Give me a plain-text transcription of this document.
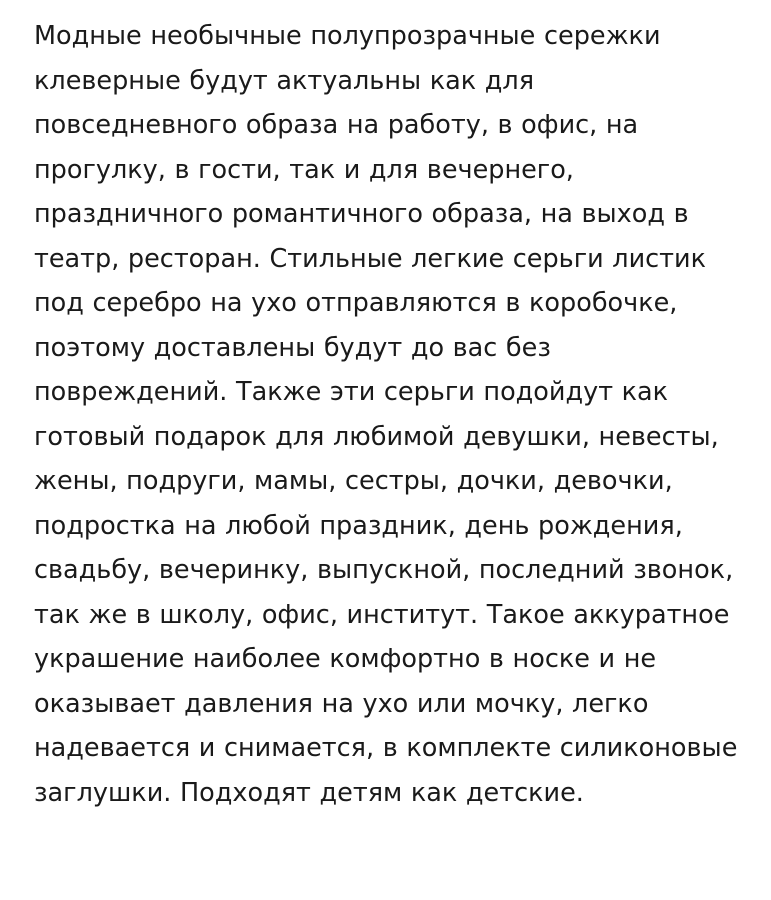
Модные необычные полупрозрачные сережки клеверные будут актуальны как для повседневного образа на работу, в офис, на прогулку, в гости, так и для вечернего, праздничного романтичного образа, на выход в театр, ресторан. Стильные легкие серьги листик под серебро на ухо отправляются в коробочке, поэтому доставлены будут до вас без повреждений. Также эти серьги подойдут как готовый подарок для любимой девушки, невесты, жены, подруги, мамы, сестры, дочки, девочки, подростка на любой праздник, день рождения, свадьбу, вечеринку, выпускной, последний звонок, так же в школу, офис, институт. Такое аккуратное украшение наиболее комфортно в носке и не оказывает давления на ухо или мочку, легко надевается и снимается, в комплекте силиконовые заглушки. Подходят детям как детские.
